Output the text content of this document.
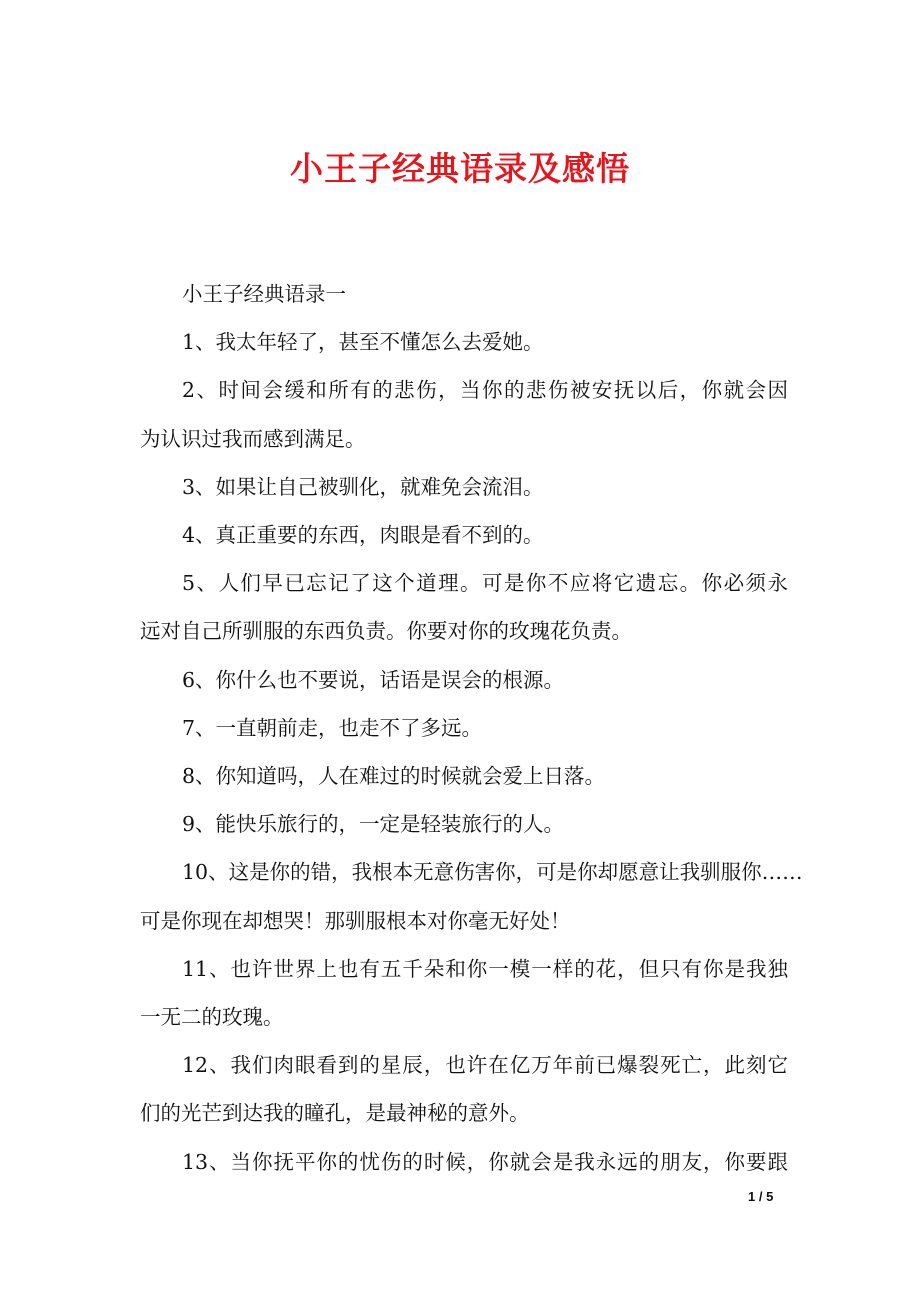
小王子经典语录及感悟
小王子经典语录一
1、我太年轻了，甚至不懂怎么去爱她。
2、时间会缓和所有的悲伤，当你的悲伤被安抚以后，你就会因
为认识过我而感到满足。
3、如果让自己被驯化，就难免会流泪。
4、真正重要的东西，肉眼是看不到的。
5、人们早已忘记了这个道理。可是你不应将它遗忘。你必须永
远对自己所驯服的东西负责。你要对你的玫瑰花负责。
6、你什么也不要说，话语是误会的根源。
7、一直朝前走，也走不了多远。
8、你知道吗，人在难过的时候就会爱上日落。
9、能快乐旅行的，一定是轻装旅行的人。
10、这是你的错，我根本无意伤害你，可是你却愿意让我驯服你……
可是你现在却想哭！那驯服根本对你毫无好处！
11、也许世界上也有五千朵和你一模一样的花，但只有你是我独
一无二的玫瑰。
12、我们肉眼看到的星辰，也许在亿万年前已爆裂死亡，此刻它
们的光芒到达我的瞳孔，是最神秘的意外。
13、当你抚平你的忧伤的时候，你就会是我永远的朋友，你要跟
1 / 5
